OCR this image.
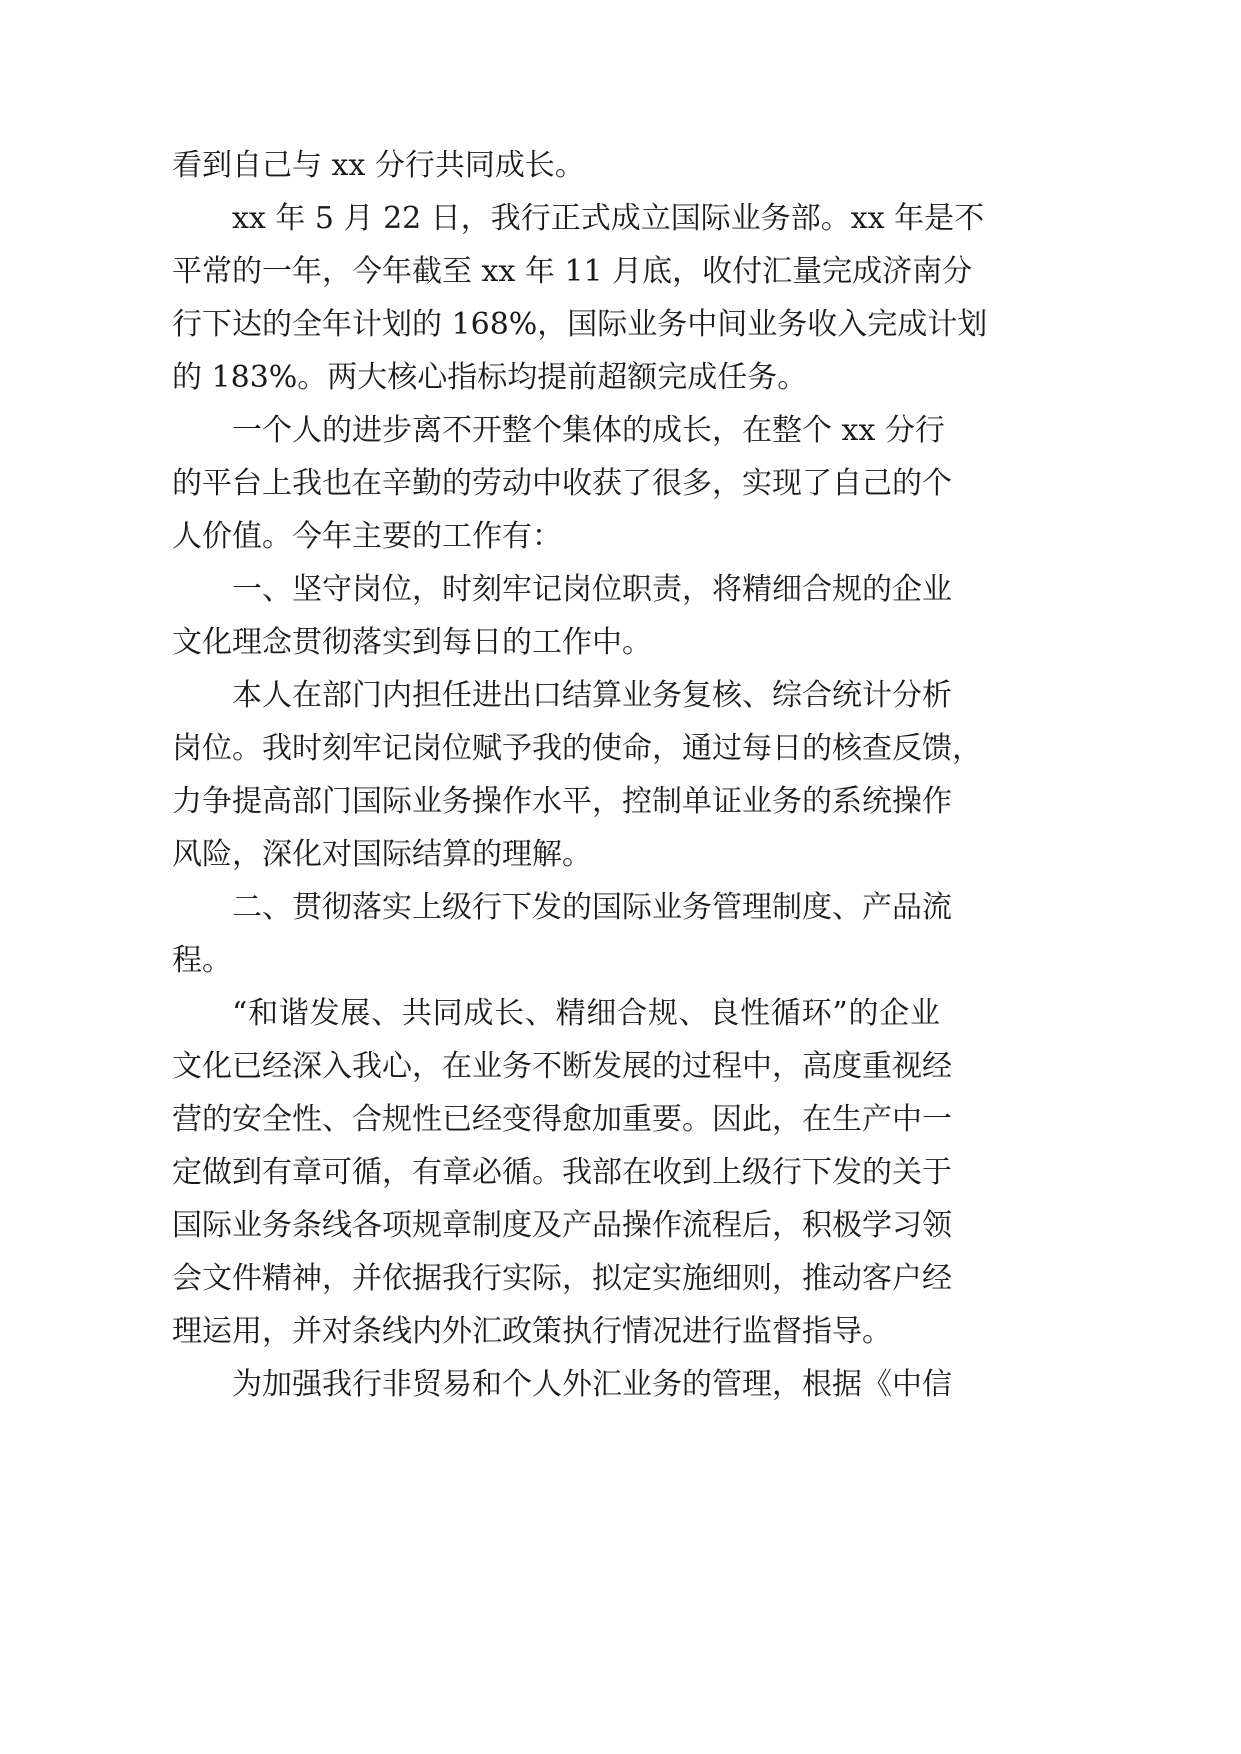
看到自己与 xx 分行共同成长。
xx 年 5 月 22 日，我行正式成立国际业务部。xx 年是不
平常的一年，今年截至 xx 年 11 月底，收付汇量完成济南分
行下达的全年计划的 168%，国际业务中间业务收入完成计划
的 183%。两大核心指标均提前超额完成任务。
一个人的进步离不开整个集体的成长，在整个 xx 分行
的平台上我也在辛勤的劳动中收获了很多，实现了自己的个
人价值。今年主要的工作有：
一、坚守岗位，时刻牢记岗位职责，将精细合规的企业
文化理念贯彻落实到每日的工作中。
本人在部门内担任进出口结算业务复核、综合统计分析
岗位。我时刻牢记岗位赋予我的使命，通过每日的核查反馈，
力争提高部门国际业务操作水平，控制单证业务的系统操作
风险，深化对国际结算的理解。
二、贯彻落实上级行下发的国际业务管理制度、产品流
程。
“和谐发展、共同成长、精细合规、良性循环”的企业
文化已经深入我心，在业务不断发展的过程中，高度重视经
营的安全性、合规性已经变得愈加重要。因此，在生产中一
定做到有章可循，有章必循。我部在收到上级行下发的关于
国际业务条线各项规章制度及产品操作流程后，积极学习领
会文件精神，并依据我行实际，拟定实施细则，推动客户经
理运用，并对条线内外汇政策执行情况进行监督指导。
为加强我行非贸易和个人外汇业务的管理，根据《中信
